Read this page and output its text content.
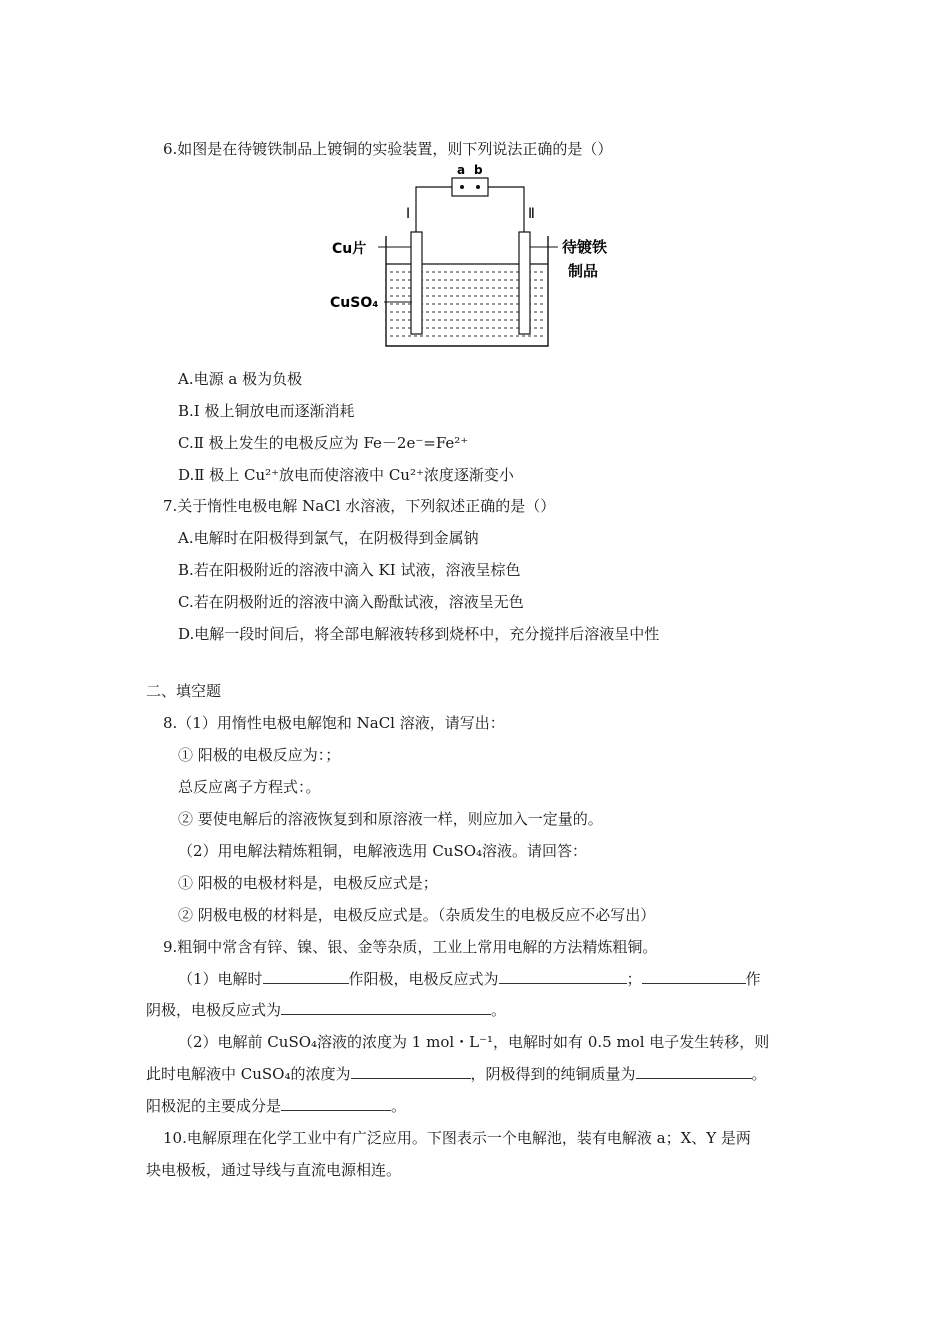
6.如图是在待镀铁制品上镀铜的实验装置，则下列说法正确的是（）
a b
Ⅰ	Ⅱ
Cu片
CuSO₄
待镀铁
制品
A.电源 a 极为负极
B.Ⅰ 极上铜放电而逐渐消耗
C.Ⅱ 极上发生的电极反应为 Fe－2e⁻=Fe²⁺
D.Ⅱ 极上 Cu²⁺放电而使溶液中 Cu²⁺浓度逐渐变小
7.关于惰性电极电解 NaCl 水溶液，下列叙述正确的是（）
A.电解时在阳极得到氯气，在阴极得到金属钠
B.若在阳极附近的溶液中滴入 KI 试液，溶液呈棕色
C.若在阴极附近的溶液中滴入酚酞试液，溶液呈无色
D.电解一段时间后，将全部电解液转移到烧杯中，充分搅拌后溶液呈中性
二、填空题
8.（1）用惰性电极电解饱和 NaCl 溶液，请写出：
① 阳极的电极反应为：；
总反应离子方程式：。
② 要使电解后的溶液恢复到和原溶液一样，则应加入一定量的。
（2）用电解法精炼粗铜，电解液选用 CuSO₄溶液。请回答：
① 阳极的电极材料是，电极反应式是；
② 阴极电极的材料是，电极反应式是。（杂质发生的电极反应不必写出）
9.粗铜中常含有锌、镍、银、金等杂质，工业上常用电解的方法精炼粗铜。
（1）电解时	作阳极，电极反应式为	；	作
阴极，电极反应式为	。
（2）电解前 CuSO₄溶液的浓度为 1 mol・L⁻¹，电解时如有 0.5 mol 电子发生转移，则
此时电解液中 CuSO₄的浓度为	，阴极得到的纯铜质量为	。
阳极泥的主要成分是	。
10.电解原理在化学工业中有广泛应用。下图表示一个电解池，装有电解液 a；X、Y 是两
块电极板，通过导线与直流电源相连。
